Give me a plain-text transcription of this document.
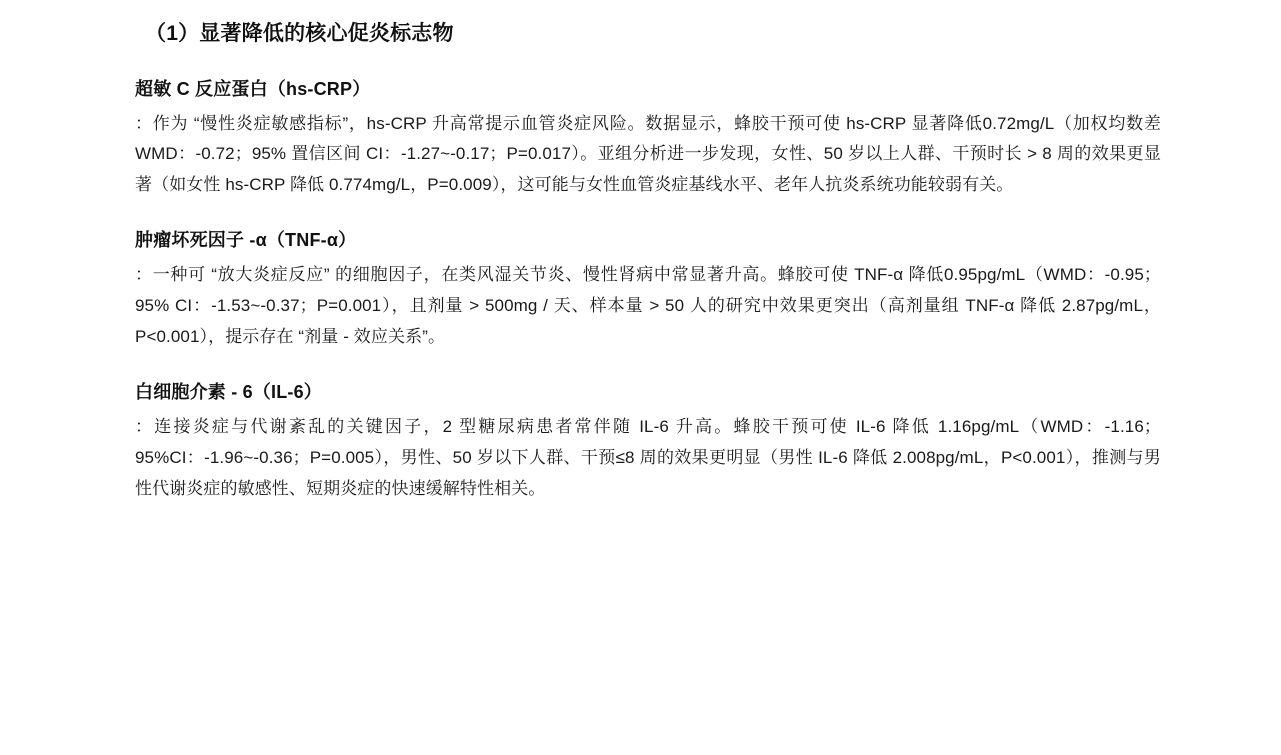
（1）显著降低的核心促炎标志物
超敏 C 反应蛋白（hs-CRP）

：作为 “慢性炎症敏感指标”，hs-CRP 升高常提示血管炎症风险。数据显示，蜂胶干预可使 hs-CRP 显著降低0.72mg/L（加权均数差 WMD：-0.72；95% 置信区间 CI：-1.27~-0.17；P=0.017）。亚组分析进一步发现，女性、50 岁以上人群、干预时长 > 8 周的效果更显著（如女性 hs-CRP 降低 0.774mg/L，P=0.009），这可能与女性血管炎症基线水平、老年人抗炎系统功能较弱有关。

肿瘤坏死因子 -α（TNF-α）

：一种可 “放大炎症反应” 的细胞因子，在类风湿关节炎、慢性肾病中常显著升高。蜂胶可使 TNF-α 降低0.95pg/mL（WMD：-0.95；95% CI：-1.53~-0.37；P=0.001），且剂量 > 500mg / 天、样本量 > 50 人的研究中效果更突出（高剂量组 TNF-α 降低 2.87pg/mL，P<0.001），提示存在 “剂量 - 效应关系”。

白细胞介素 - 6（IL-6）

：连接炎症与代谢紊乱的关键因子，2 型糖尿病患者常伴随 IL-6 升高。蜂胶干预可使 IL-6 降低 1.16pg/mL（WMD：-1.16；95%CI：-1.96~-0.36；P=0.005），男性、50 岁以下人群、干预≤8 周的效果更明显（男性 IL-6 降低 2.008pg/mL，P<0.001），推测与男性代谢炎症的敏感性、短期炎症的快速缓解特性相关。
